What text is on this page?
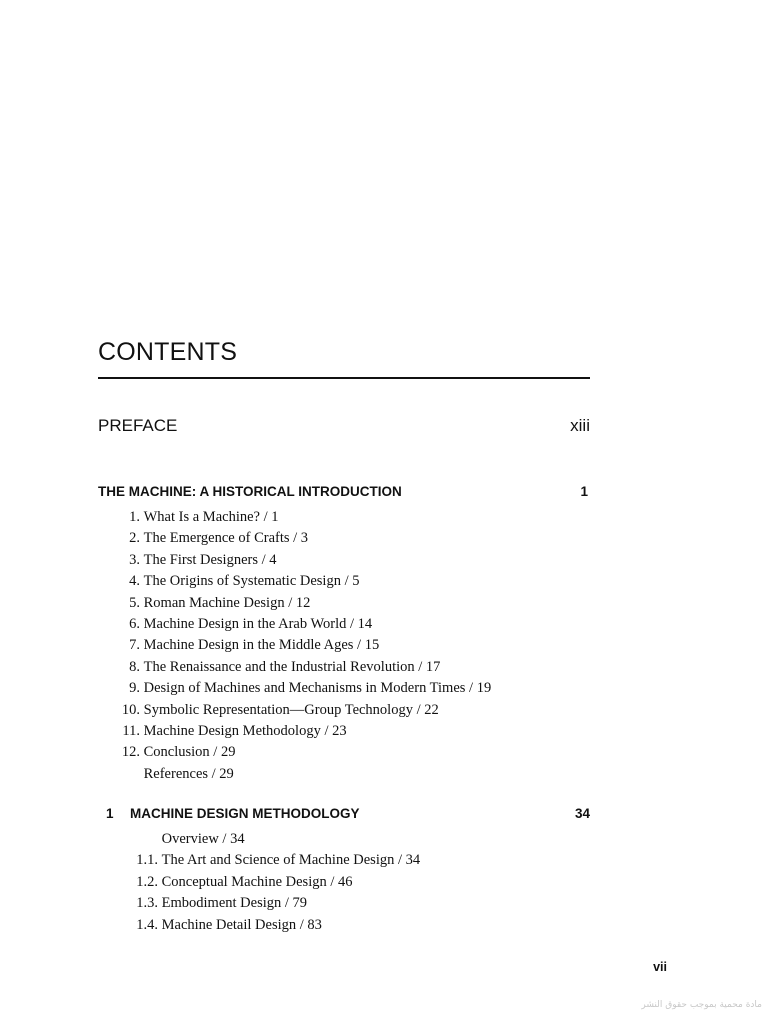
CONTENTS
PREFACE	xiii
THE MACHINE: A HISTORICAL INTRODUCTION	1
1. What Is a Machine? / 1
2. The Emergence of Crafts / 3
3. The First Designers / 4
4. The Origins of Systematic Design / 5
5. Roman Machine Design / 12
6. Machine Design in the Arab World / 14
7. Machine Design in the Middle Ages / 15
8. The Renaissance and the Industrial Revolution / 17
9. Design of Machines and Mechanisms in Modern Times / 19
10. Symbolic Representation—Group Technology / 22
11. Machine Design Methodology / 23
12. Conclusion / 29
References / 29
1 MACHINE DESIGN METHODOLOGY	34
Overview / 34
1.1. The Art and Science of Machine Design / 34
1.2. Conceptual Machine Design / 46
1.3. Embodiment Design / 79
1.4. Machine Detail Design / 83
vii
مادة محمية بموجب حقوق النشر
